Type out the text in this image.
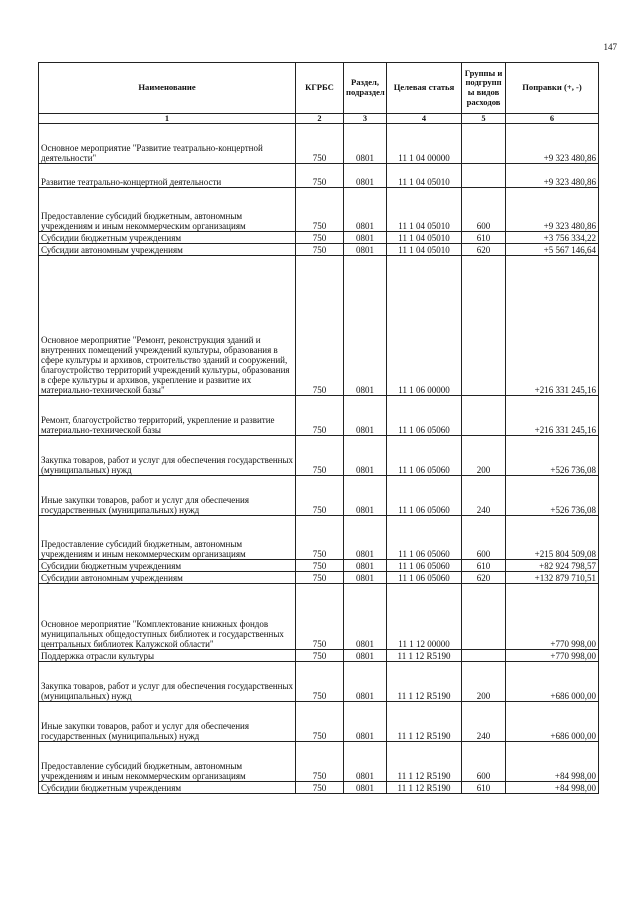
147
Наименование	КГРБС	Раздел, подраздел	Целевая статья	Группы и подгрупп ы видов расходов	Поправки (+, -)
1	2	3	4	5	6
Основное мероприятие "Развитие театрально-концертной деятельности"	750	0801	11 1 04 00000		+9 323 480,86
Развитие театрально-концертной деятельности	750	0801	11 1 04 05010		+9 323 480,86
Предоставление субсидий бюджетным, автономным учреждениям и иным некоммерческим организациям	750	0801	11 1 04 05010	600	+9 323 480,86
Субсидии бюджетным учреждениям	750	0801	11 1 04 05010	610	+3 756 334,22
Субсидии автономным учреждениям	750	0801	11 1 04 05010	620	+5 567 146,64
Основное мероприятие "Ремонт, реконструкция зданий и внутренних помещений учреждений культуры, образования в сфере культуры и архивов, строительство зданий и сооружений, благоустройство территорий учреждений культуры, образования в сфере культуры и архивов, укрепление и развитие их материально-технической базы"	750	0801	11 1 06 00000		+216 331 245,16
Ремонт, благоустройство территорий, укрепление и развитие материально-технической базы	750	0801	11 1 06 05060		+216 331 245,16
Закупка товаров, работ и услуг для обеспечения государственных (муниципальных) нужд	750	0801	11 1 06 05060	200	+526 736,08
Иные закупки товаров, работ и услуг для обеспечения государственных (муниципальных) нужд	750	0801	11 1 06 05060	240	+526 736,08
Предоставление субсидий бюджетным, автономным учреждениям и иным некоммерческим организациям	750	0801	11 1 06 05060	600	+215 804 509,08
Субсидии бюджетным учреждениям	750	0801	11 1 06 05060	610	+82 924 798,57
Субсидии автономным учреждениям	750	0801	11 1 06 05060	620	+132 879 710,51
Основное мероприятие "Комплектование книжных фондов муниципальных общедоступных библиотек и государственных центральных библиотек Калужской области"	750	0801	11 1 12 00000		+770 998,00
Поддержка отрасли культуры	750	0801	11 1 12 R5190		+770 998,00
Закупка товаров, работ и услуг для обеспечения государственных (муниципальных) нужд	750	0801	11 1 12 R5190	200	+686 000,00
Иные закупки товаров, работ и услуг для обеспечения государственных (муниципальных) нужд	750	0801	11 1 12 R5190	240	+686 000,00
Предоставление субсидий бюджетным, автономным учреждениям и иным некоммерческим организациям	750	0801	11 1 12 R5190	600	+84 998,00
Субсидии бюджетным учреждениям	750	0801	11 1 12 R5190	610	+84 998,00
